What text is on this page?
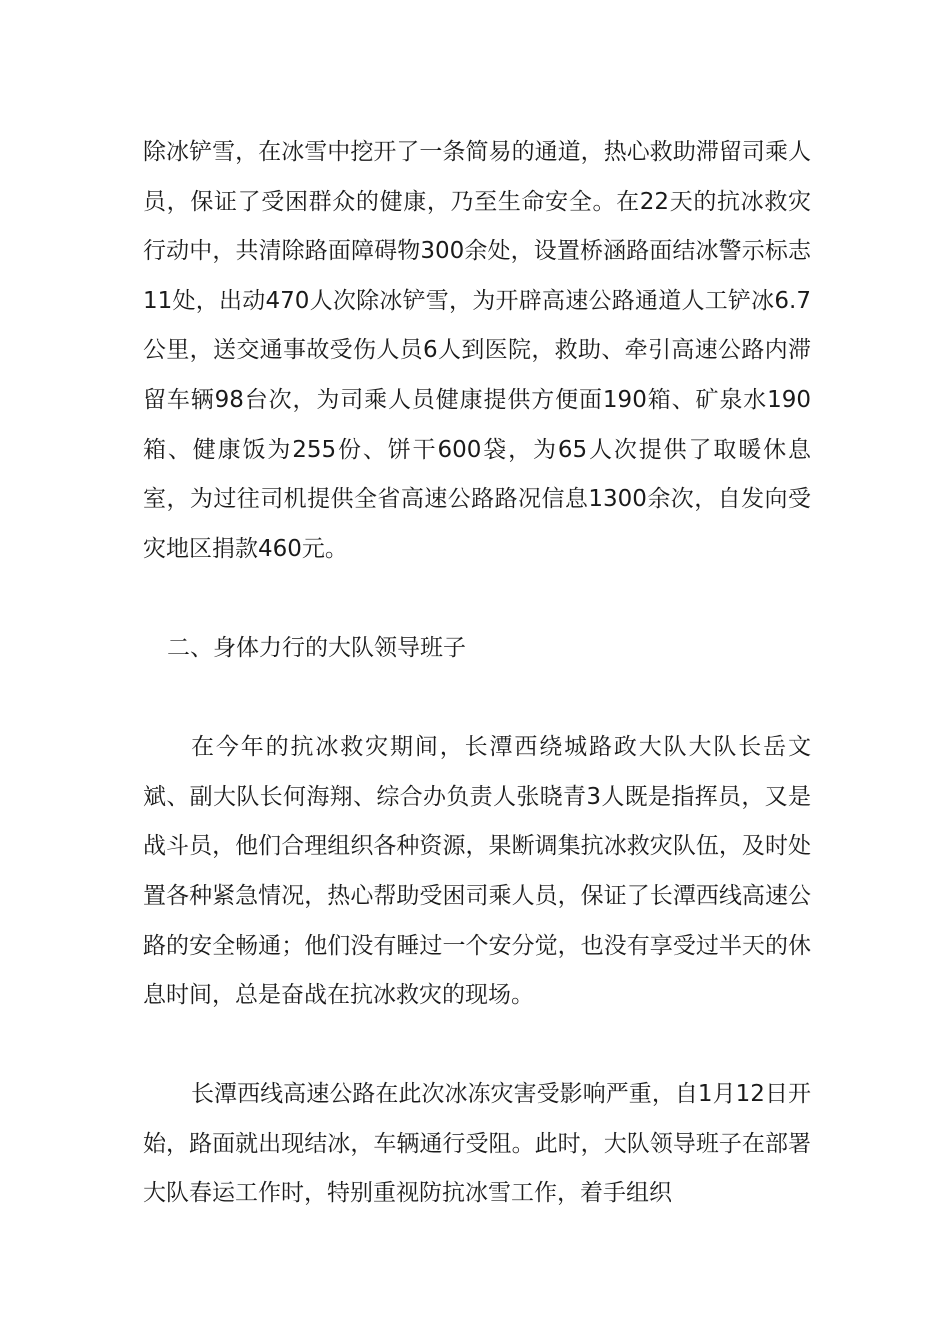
除冰铲雪，在冰雪中挖开了一条简易的通道，热心救助滞留司乘人员，保证了受困群众的健康，乃至生命安全。在22天的抗冰救灾行动中，共清除路面障碍物300余处，设置桥涵路面结冰警示标志11处，出动470人次除冰铲雪，为开辟高速公路通道人工铲冰6.7公里，送交通事故受伤人员6人到医院，救助、牵引高速公路内滞留车辆98台次，为司乘人员健康提供方便面190箱、矿泉水190箱、健康饭为255份、饼干600袋，为65人次提供了取暖休息室，为过往司机提供全省高速公路路况信息1300余次，自发向受灾地区捐款460元。

二、身体力行的大队领导班子

在今年的抗冰救灾期间，长潭西绕城路政大队大队长岳文斌、副大队长何海翔、综合办负责人张晓青3人既是指挥员，又是战斗员，他们合理组织各种资源，果断调集抗冰救灾队伍，及时处置各种紧急情况，热心帮助受困司乘人员，保证了长潭西线高速公路的安全畅通；他们没有睡过一个安分觉，也没有享受过半天的休息时间，总是奋战在抗冰救灾的现场。

长潭西线高速公路在此次冰冻灾害受影响严重，自1月12日开始，路面就出现结冰，车辆通行受阻。此时，大队领导班子在部署大队春运工作时，特别重视防抗冰雪工作，着手组织
